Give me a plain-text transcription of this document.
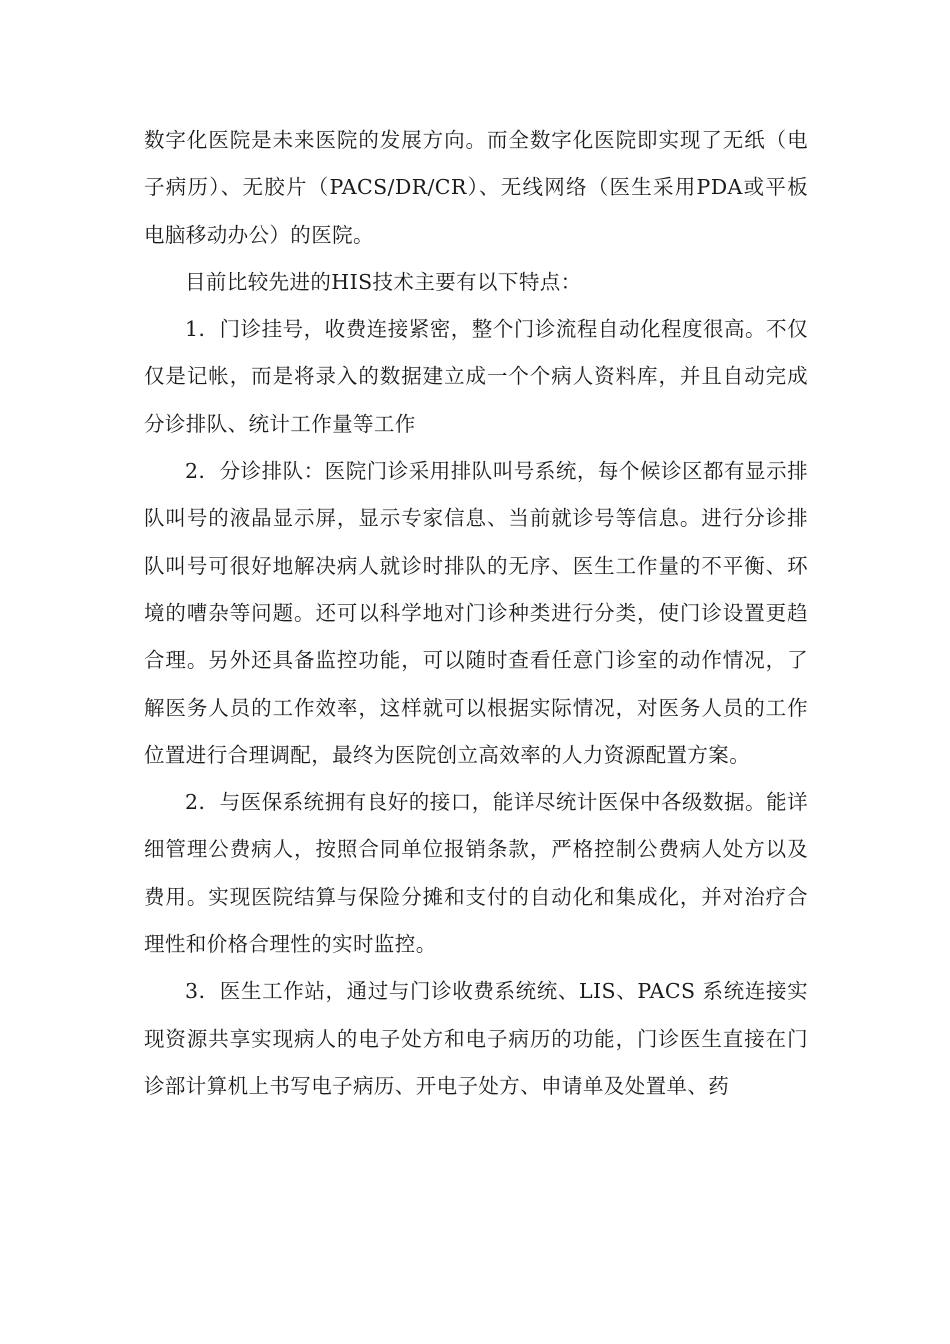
数字化医院是未来医院的发展方向。而全数字化医院即实现了无纸（电子病历）、无胶片（PACS/DR/CR）、无线网络（医生采用PDA或平板电脑移动办公）的医院。

目前比较先进的HIS技术主要有以下特点：

1．门诊挂号，收费连接紧密，整个门诊流程自动化程度很高。不仅仅是记帐，而是将录入的数据建立成一个个病人资料库，并且自动完成分诊排队、统计工作量等工作

2．分诊排队：医院门诊采用排队叫号系统，每个候诊区都有显示排队叫号的液晶显示屏，显示专家信息、当前就诊号等信息。进行分诊排队叫号可很好地解决病人就诊时排队的无序、医生工作量的不平衡、环境的嘈杂等问题。还可以科学地对门诊种类进行分类，使门诊设置更趋合理。另外还具备监控功能，可以随时查看任意门诊室的动作情况，了解医务人员的工作效率，这样就可以根据实际情况，对医务人员的工作位置进行合理调配，最终为医院创立高效率的人力资源配置方案。

2．与医保系统拥有良好的接口，能详尽统计医保中各级数据。能详细管理公费病人，按照合同单位报销条款，严格控制公费病人处方以及费用。实现医院结算与保险分摊和支付的自动化和集成化，并对治疗合理性和价格合理性的实时监控。

3．医生工作站，通过与门诊收费系统统、LIS、PACS 系统连接实现资源共享实现病人的电子处方和电子病历的功能，门诊医生直接在门诊部计算机上书写电子病历、开电子处方、申请单及处置单、药
